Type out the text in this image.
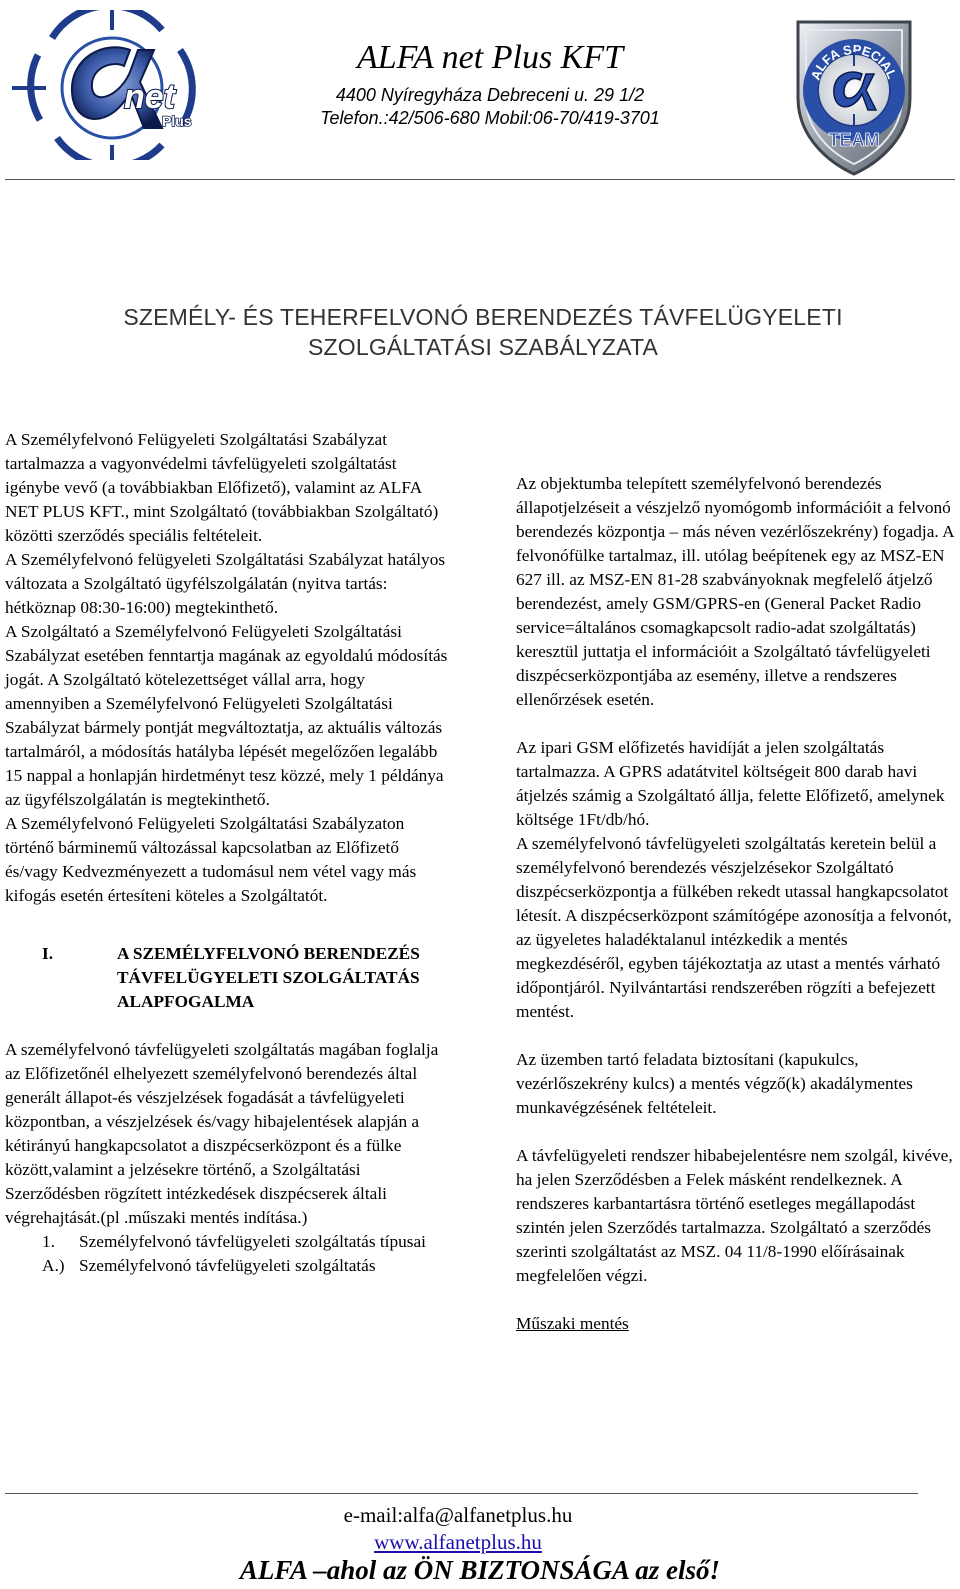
net
Plus
ALFA net Plus KFT
4400 Nyíregyháza Debreceni u. 29 1/2
Telefon.:42/506-680 Mobil:06-70/419-3701
ALFA SPECIAL
TEAM
SZEMÉLY- ÉS TEHERFELVONÓ BERENDEZÉS TÁVFELÜGYELETI
SZOLGÁLTATÁSI SZABÁLYZATA

A Személyfelvonó Felügyeleti Szolgáltatási Szabályzat tartalmazza a vagyonvédelmi távfelügyeleti szolgáltatást igénybe vevő (a továbbiakban Előfizető), valamint az ALFA NET PLUS KFT., mint Szolgáltató (továbbiakban Szolgáltató) közötti szerződés speciális feltételeit.

A Személyfelvonó felügyeleti Szolgáltatási Szabályzat hatályos változata a Szolgáltató ügyfélszolgálatán (nyitva tartás: hétköznap 08:30-16:00) megtekinthető.

A Szolgáltató a Személyfelvonó Felügyeleti Szolgáltatási Szabályzat esetében fenntartja magának az egyoldalú módosítás jogát. A Szolgáltató kötelezettséget vállal arra, hogy amennyiben a Személyfelvonó Felügyeleti Szolgáltatási Szabályzat bármely pontját megváltoztatja, az aktuális változás tartalmáról, a módosítás hatályba lépését megelőzően legalább 15 nappal a honlapján hirdetményt tesz közzé, mely 1 példánya az ügyfélszolgálatán is megtekinthető.

A Személyfelvonó Felügyeleti Szolgáltatási Szabályzaton történő bárminemű változással kapcsolatban az Előfizető és/vagy Kedvezményezett a tudomásul nem vétel vagy más kifogás esetén értesíteni köteles a Szolgáltatót.

I.	A SZEMÉLYFELVONÓ BERENDEZÉS TÁVFELÜGYELETI SZOLGÁLTATÁS ALAPFOGALMA

A személyfelvonó távfelügyeleti szolgáltatás magában foglalja az Előfizetőnél elhelyezett személyfelvonó berendezés által generált állapot-és vészjelzések fogadását a távfelügyeleti központban, a vészjelzések és/vagy hibajelentések alapján a kétirányú hangkapcsolatot a diszpécserközpont és a fülke között,valamint a jelzésekre történő, a Szolgáltatási Szerződésben rögzített intézkedések diszpécserek általi végrehajtását.(pl .műszaki mentés indítása.)

1. Személyfelvonó távfelügyeleti szolgáltatás típusai
A.) Személyfelvonó távfelügyeleti szolgáltatás

Az objektumba telepített személyfelvonó berendezés állapotjelzéseit a vészjelző nyomógomb információit a felvonó berendezés központja – más néven vezérlőszekrény) fogadja. A felvonófülke tartalmaz, ill. utólag beépítenek egy az MSZ-EN 627 ill. az MSZ-EN 81-28 szabványoknak megfelelő átjelző berendezést, amely GSM/GPRS-en (General Packet Radio service=általános csomagkapcsolt radio-adat szolgáltatás) keresztül juttatja el információit a Szolgáltató távfelügyeleti diszpécserközpontjába az esemény, illetve a rendszeres ellenőrzések esetén.

Az ipari GSM előfizetés havidíját a jelen szolgáltatás tartalmazza. A GPRS adatátvitel költségeit 800 darab havi átjelzés számig a Szolgáltató állja, felette Előfizető, amelynek költsége 1Ft/db/hó.

A személyfelvonó távfelügyeleti szolgáltatás keretein belül a személyfelvonó berendezés vészjelzésekor Szolgáltató diszpécserközpontja a fülkében rekedt utassal hangkapcsolatot létesít. A diszpécserközpont számítógépe azonosítja a felvonót, az ügyeletes haladéktalanul intézkedik a mentés megkezdéséről, egyben tájékoztatja az utast a mentés várható időpontjáról. Nyilvántartási rendszerében rögzíti a befejezett mentést.

Az üzemben tartó feladata biztosítani (kapukulcs, vezérlőszekrény kulcs) a mentés végző(k) akadálymentes munkavégzésének feltételeit.

A távfelügyeleti rendszer hibabejelentésre nem szolgál, kivéve, ha jelen Szerződésben a Felek másként rendelkeznek. A rendszeres karbantartásra történő esetleges megállapodást szintén jelen Szerződés tartalmazza. Szolgáltató a szerződés szerinti szolgáltatást az MSZ. 04 11/8-1990 előírásainak megfelelően végzi.

Műszaki mentés

e-mail:alfa@alfanetplus.hu
www.alfanetplus.hu
ALFA –ahol az ÖN BIZTONSÁGA az első!
